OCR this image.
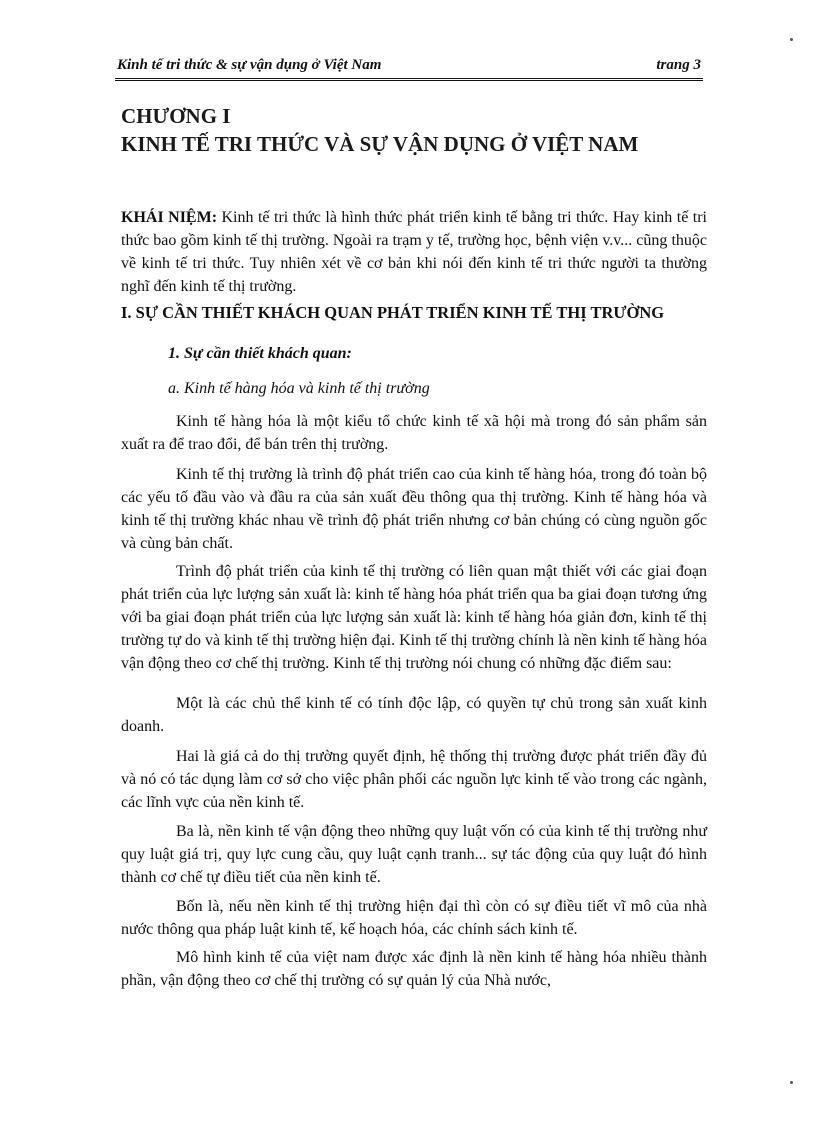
Kinh tế tri thức & sự vận dụng ở Việt Nam	trang 3
CHƯƠNG I
KINH TẾ TRI THỨC VÀ SỰ VẬN DỤNG Ở VIỆT NAM
KHÁI NIỆM: Kinh tế tri thức là hình thức phát triển kinh tế bằng tri thức. Hay kinh tế tri thức bao gồm kinh tế thị trường. Ngoài ra trạm y tế, trường học, bệnh viện v.v... cũng thuộc về kinh tế tri thức. Tuy nhiên xét về cơ bản khi nói đến kinh tế tri thức người ta thường nghĩ đến kinh tế thị trường.
I. SỰ CẦN THIẾT KHÁCH QUAN PHÁT TRIỂN KINH TẾ THỊ TRƯỜNG
1. Sự cần thiết khách quan:
a. Kinh tế hàng hóa và kinh tế thị trường
Kinh tế hàng hóa là một kiểu tổ chức kinh tế xã hội mà trong đó sản phẩm sản xuất ra để trao đổi, để bán trên thị trường.
Kinh tế thị trường là trình độ phát triển cao của kinh tế hàng hóa, trong đó toàn bộ các yếu tố đầu vào và đầu ra của sản xuất đều thông qua thị trường. Kinh tế hàng hóa và kinh tế thị trường khác nhau về trình độ phát triển nhưng cơ bản chúng có cùng nguồn gốc và cùng bản chất.
Trình độ phát triển của kinh tế thị trường có liên quan mật thiết với các giai đoạn phát triển của lực lượng sản xuất là: kinh tế hàng hóa phát triển qua ba giai đoạn tương ứng với ba giai đoạn phát triển của lực lượng sản xuất là: kinh tế hàng hóa giản đơn, kinh tế thị trường tự do và kinh tế thị trường hiện đại. Kinh tế thị trường chính là nền kinh tế hàng hóa vận động theo cơ chế thị trường. Kinh tế thị trường nói chung có những đặc điểm sau:
Một là các chủ thể kinh tế có tính độc lập, có quyền tự chủ trong sản xuất kinh doanh.
Hai là giá cả do thị trường quyết định, hệ thống thị trường được phát triển đầy đủ và nó có tác dụng làm cơ sở cho việc phân phối các nguồn lực kinh tế vào trong các ngành, các lĩnh vực của nền kinh tế.
Ba là, nền kinh tế vận động theo những quy luật vốn có của kinh tế thị trường như quy luật giá trị, quy lực cung cầu, quy luật cạnh tranh... sự tác động của quy luật đó hình thành cơ chế tự điều tiết của nền kinh tế.
Bốn là, nếu nền kinh tế thị trường hiện đại thì còn có sự điều tiết vĩ mô của nhà nước thông qua pháp luật kinh tế, kế hoạch hóa, các chính sách kinh tế.
Mô hình kinh tế của việt nam được xác định là nền kinh tế hàng hóa nhiều thành phần, vận động theo cơ chế thị trường có sự quản lý của Nhà nước,
